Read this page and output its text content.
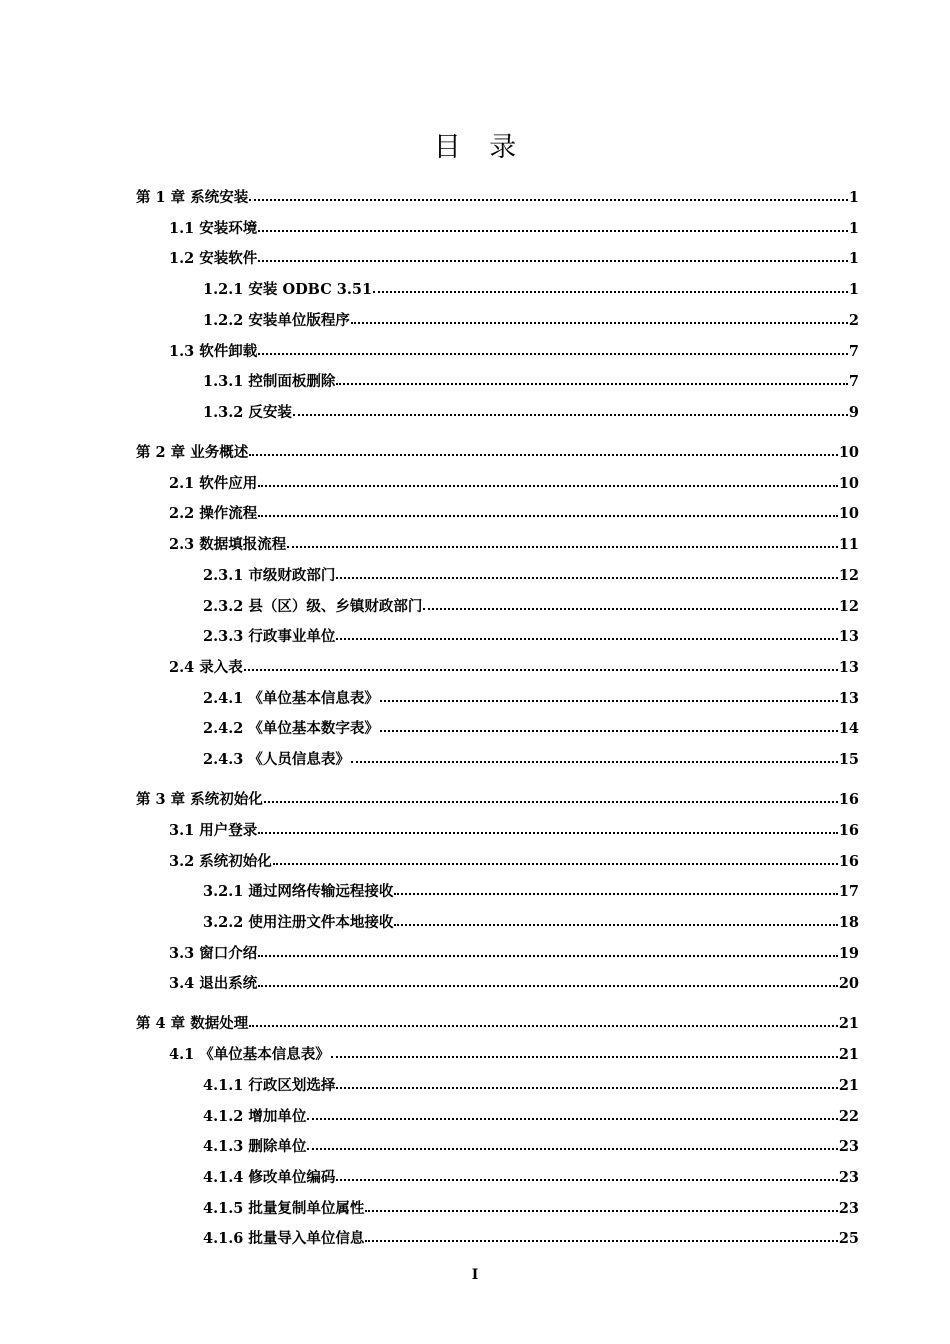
目 录
第 1 章 系统安装	1
1.1 安装环境	1
1.2 安装软件	1
1.2.1 安装 ODBC 3.51	1
1.2.2 安装单位版程序	2
1.3 软件卸载	7
1.3.1 控制面板删除	7
1.3.2 反安装	9
第 2 章 业务概述	10
2.1 软件应用	10
2.2 操作流程	10
2.3 数据填报流程	11
2.3.1 市级财政部门	12
2.3.2 县（区）级、乡镇财政部门	12
2.3.3 行政事业单位	13
2.4 录入表	13
2.4.1 《单位基本信息表》	13
2.4.2 《单位基本数字表》	14
2.4.3 《人员信息表》	15
第 3 章 系统初始化	16
3.1 用户登录	16
3.2 系统初始化	16
3.2.1 通过网络传输远程接收	17
3.2.2 使用注册文件本地接收	18
3.3 窗口介绍	19
3.4 退出系统	20
第 4 章 数据处理	21
4.1 《单位基本信息表》	21
4.1.1 行政区划选择	21
4.1.2 增加单位	22
4.1.3 删除单位	23
4.1.4 修改单位编码	23
4.1.5 批量复制单位属性	23
4.1.6 批量导入单位信息	25
I
